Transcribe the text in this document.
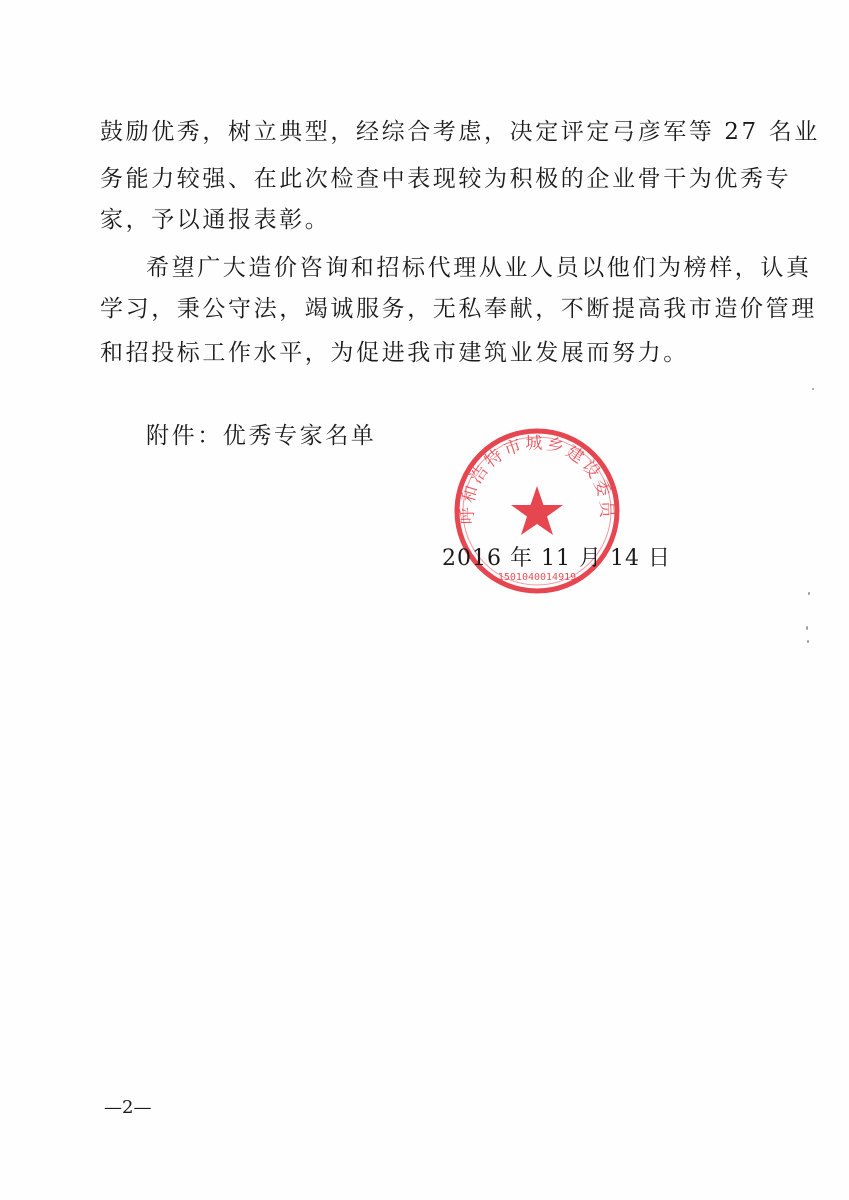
鼓励优秀，树立典型，经综合考虑，决定评定弓彦军等 27 名业
务能力较强、在此次检查中表现较为积极的企业骨干为优秀专
家，予以通报表彰。
希望广大造价咨询和招标代理从业人员以他们为榜样，认真
学习，秉公守法，竭诚服务，无私奉献，不断提高我市造价管理
和招投标工作水平，为促进我市建筑业发展而努力。
附件：优秀专家名单
呼和浩特市城乡建设委员
1501040014919
2016 年 11 月 14 日
—2—
